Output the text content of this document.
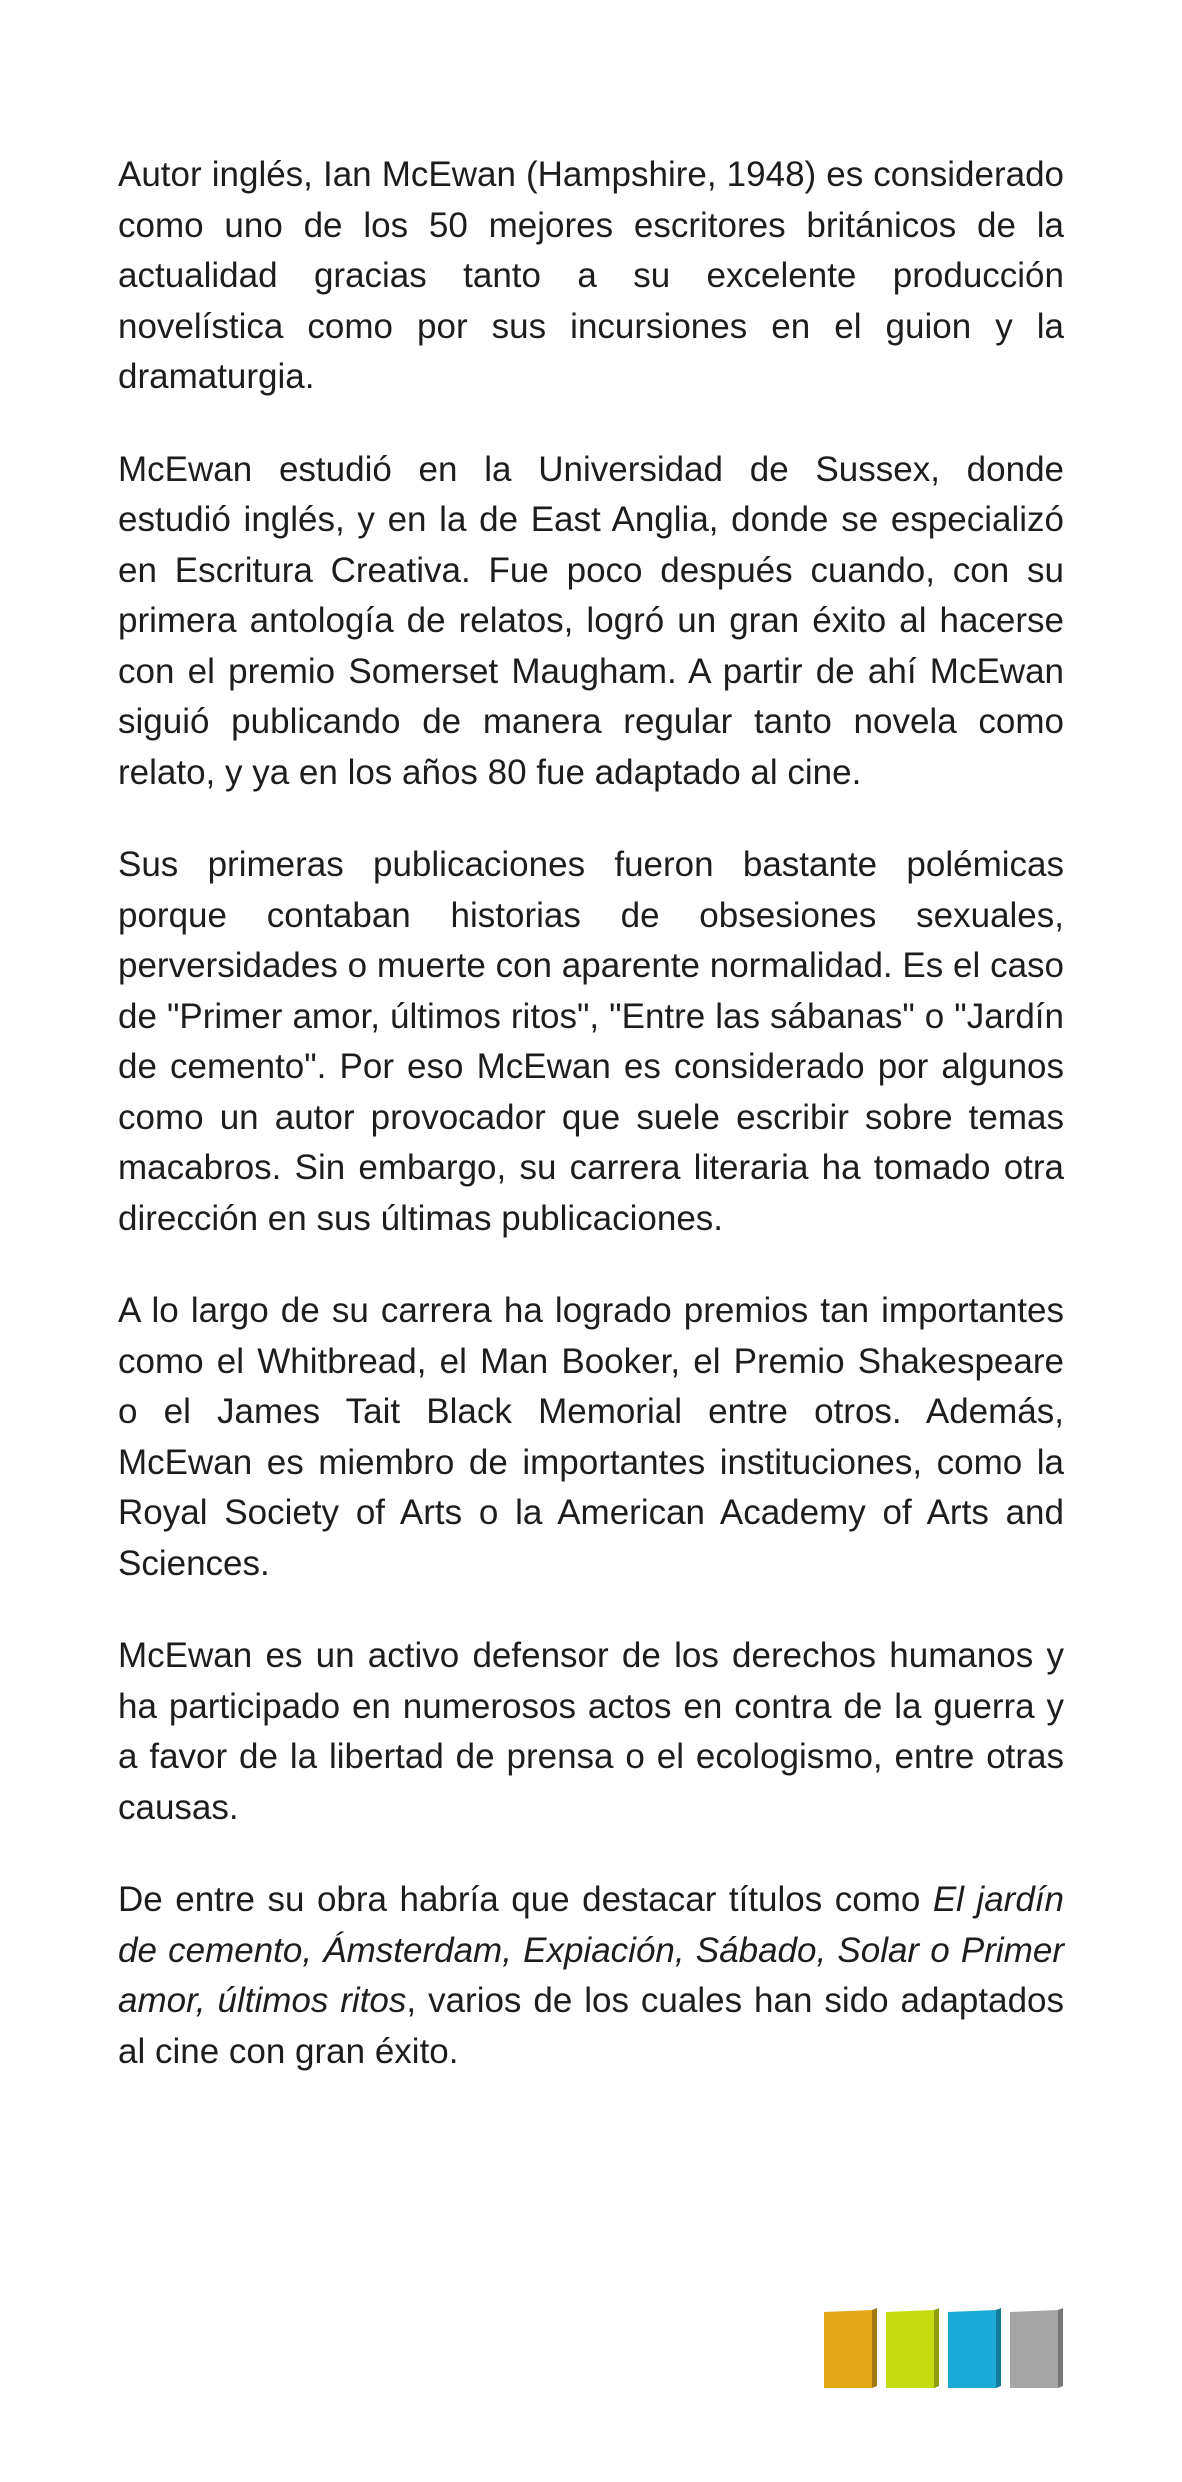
Autor inglés, Ian McEwan (Hampshire, 1948) es considerado como uno de los 50 mejores escritores británicos de la actualidad gracias tanto a su excelente producción novelística como por sus incursiones en el guion y la dramaturgia.

McEwan estudió en la Universidad de Sussex, donde estudió inglés, y en la de East Anglia, donde se especializó en Escritura Creativa. Fue poco después cuando, con su primera antología de relatos, logró un gran éxito al hacerse con el premio Somerset Maugham. A partir de ahí McEwan siguió publicando de manera regular tanto novela como relato, y ya en los años 80 fue adaptado al cine.

Sus primeras publicaciones fueron bastante polémicas porque contaban historias de obsesiones sexuales, perversidades o muerte con aparente normalidad. Es el caso de "Primer amor, últimos ritos", "Entre las sábanas" o "Jardín de cemento". Por eso McEwan es considerado por algunos como un autor provocador que suele escribir sobre temas macabros. Sin embargo, su carrera literaria ha tomado otra dirección en sus últimas publicaciones.

A lo largo de su carrera ha logrado premios tan importantes como el Whitbread, el Man Booker, el Premio Shakespeare o el James Tait Black Memorial entre otros. Además, McEwan es miembro de importantes instituciones, como la Royal Society of Arts o la American Academy of Arts and Sciences.

McEwan es un activo defensor de los derechos humanos y ha participado en numerosos actos en contra de la guerra y a favor de la libertad de prensa o el ecologismo, entre otras causas.

De entre su obra habría que destacar títulos como El jardín de cemento, Ámsterdam, Expiación, Sábado, Solar o Primer amor, últimos ritos, varios de los cuales han sido adaptados al cine con gran éxito.
